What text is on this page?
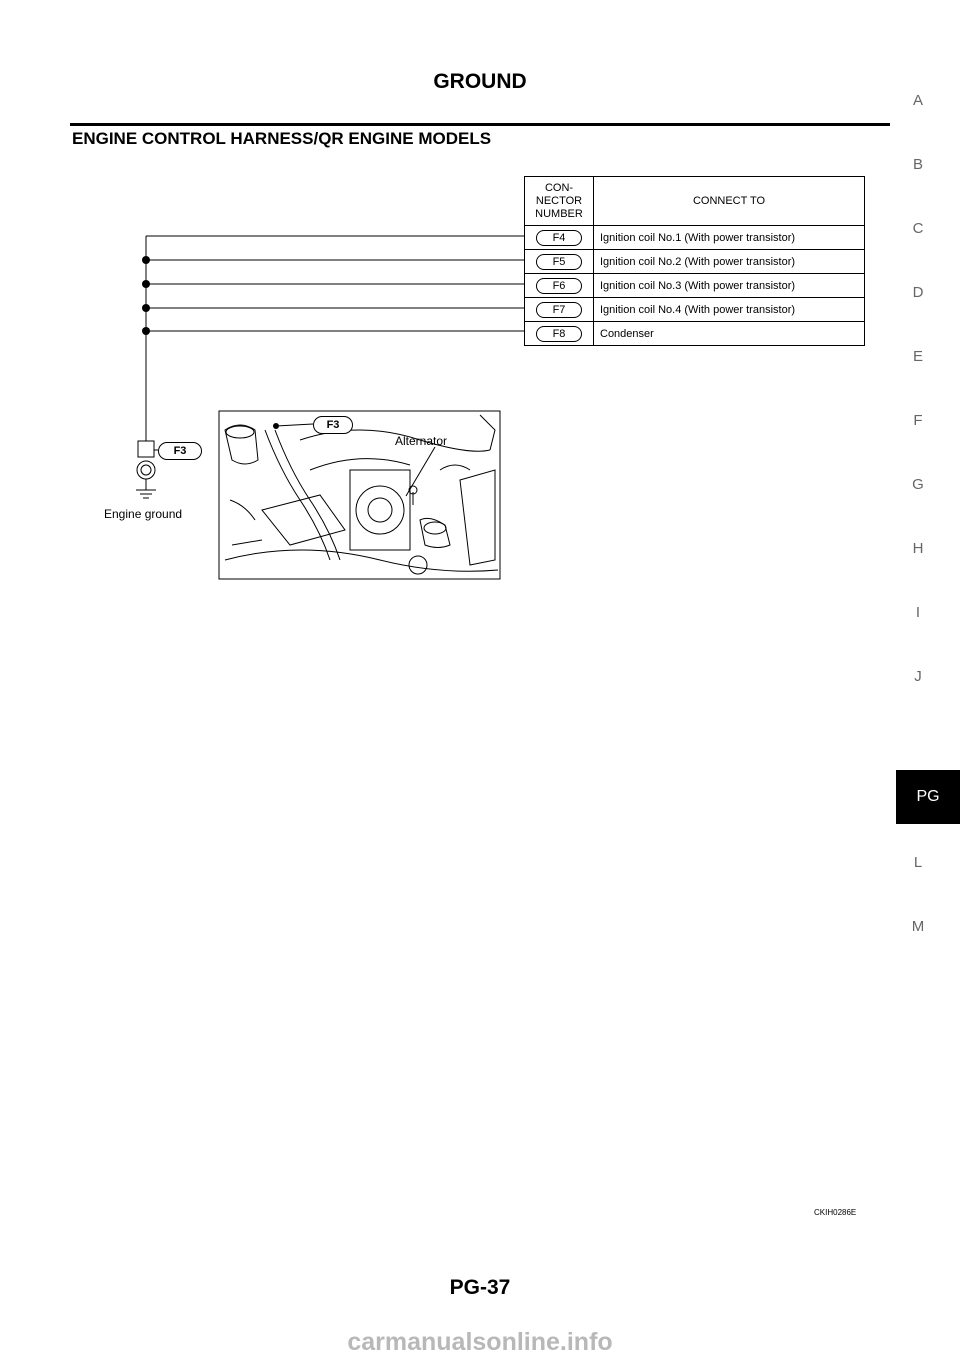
GROUND
ENGINE CONTROL HARNESS/QR ENGINE MODELS
A
B
C
D
E
F
G
H
I
J
PG
L
M
F3
F3
Alternator
Engine ground
CON-
NECTOR
NUMBER	CONNECT TO
F4	Ignition coil No.1 (With power transistor)
F5	Ignition coil No.2 (With power transistor)
F6	Ignition coil No.3 (With power transistor)
F7	Ignition coil No.4 (With power transistor)
F8	Condenser
CKIH0286E
PG-37
carmanualsonline.info
